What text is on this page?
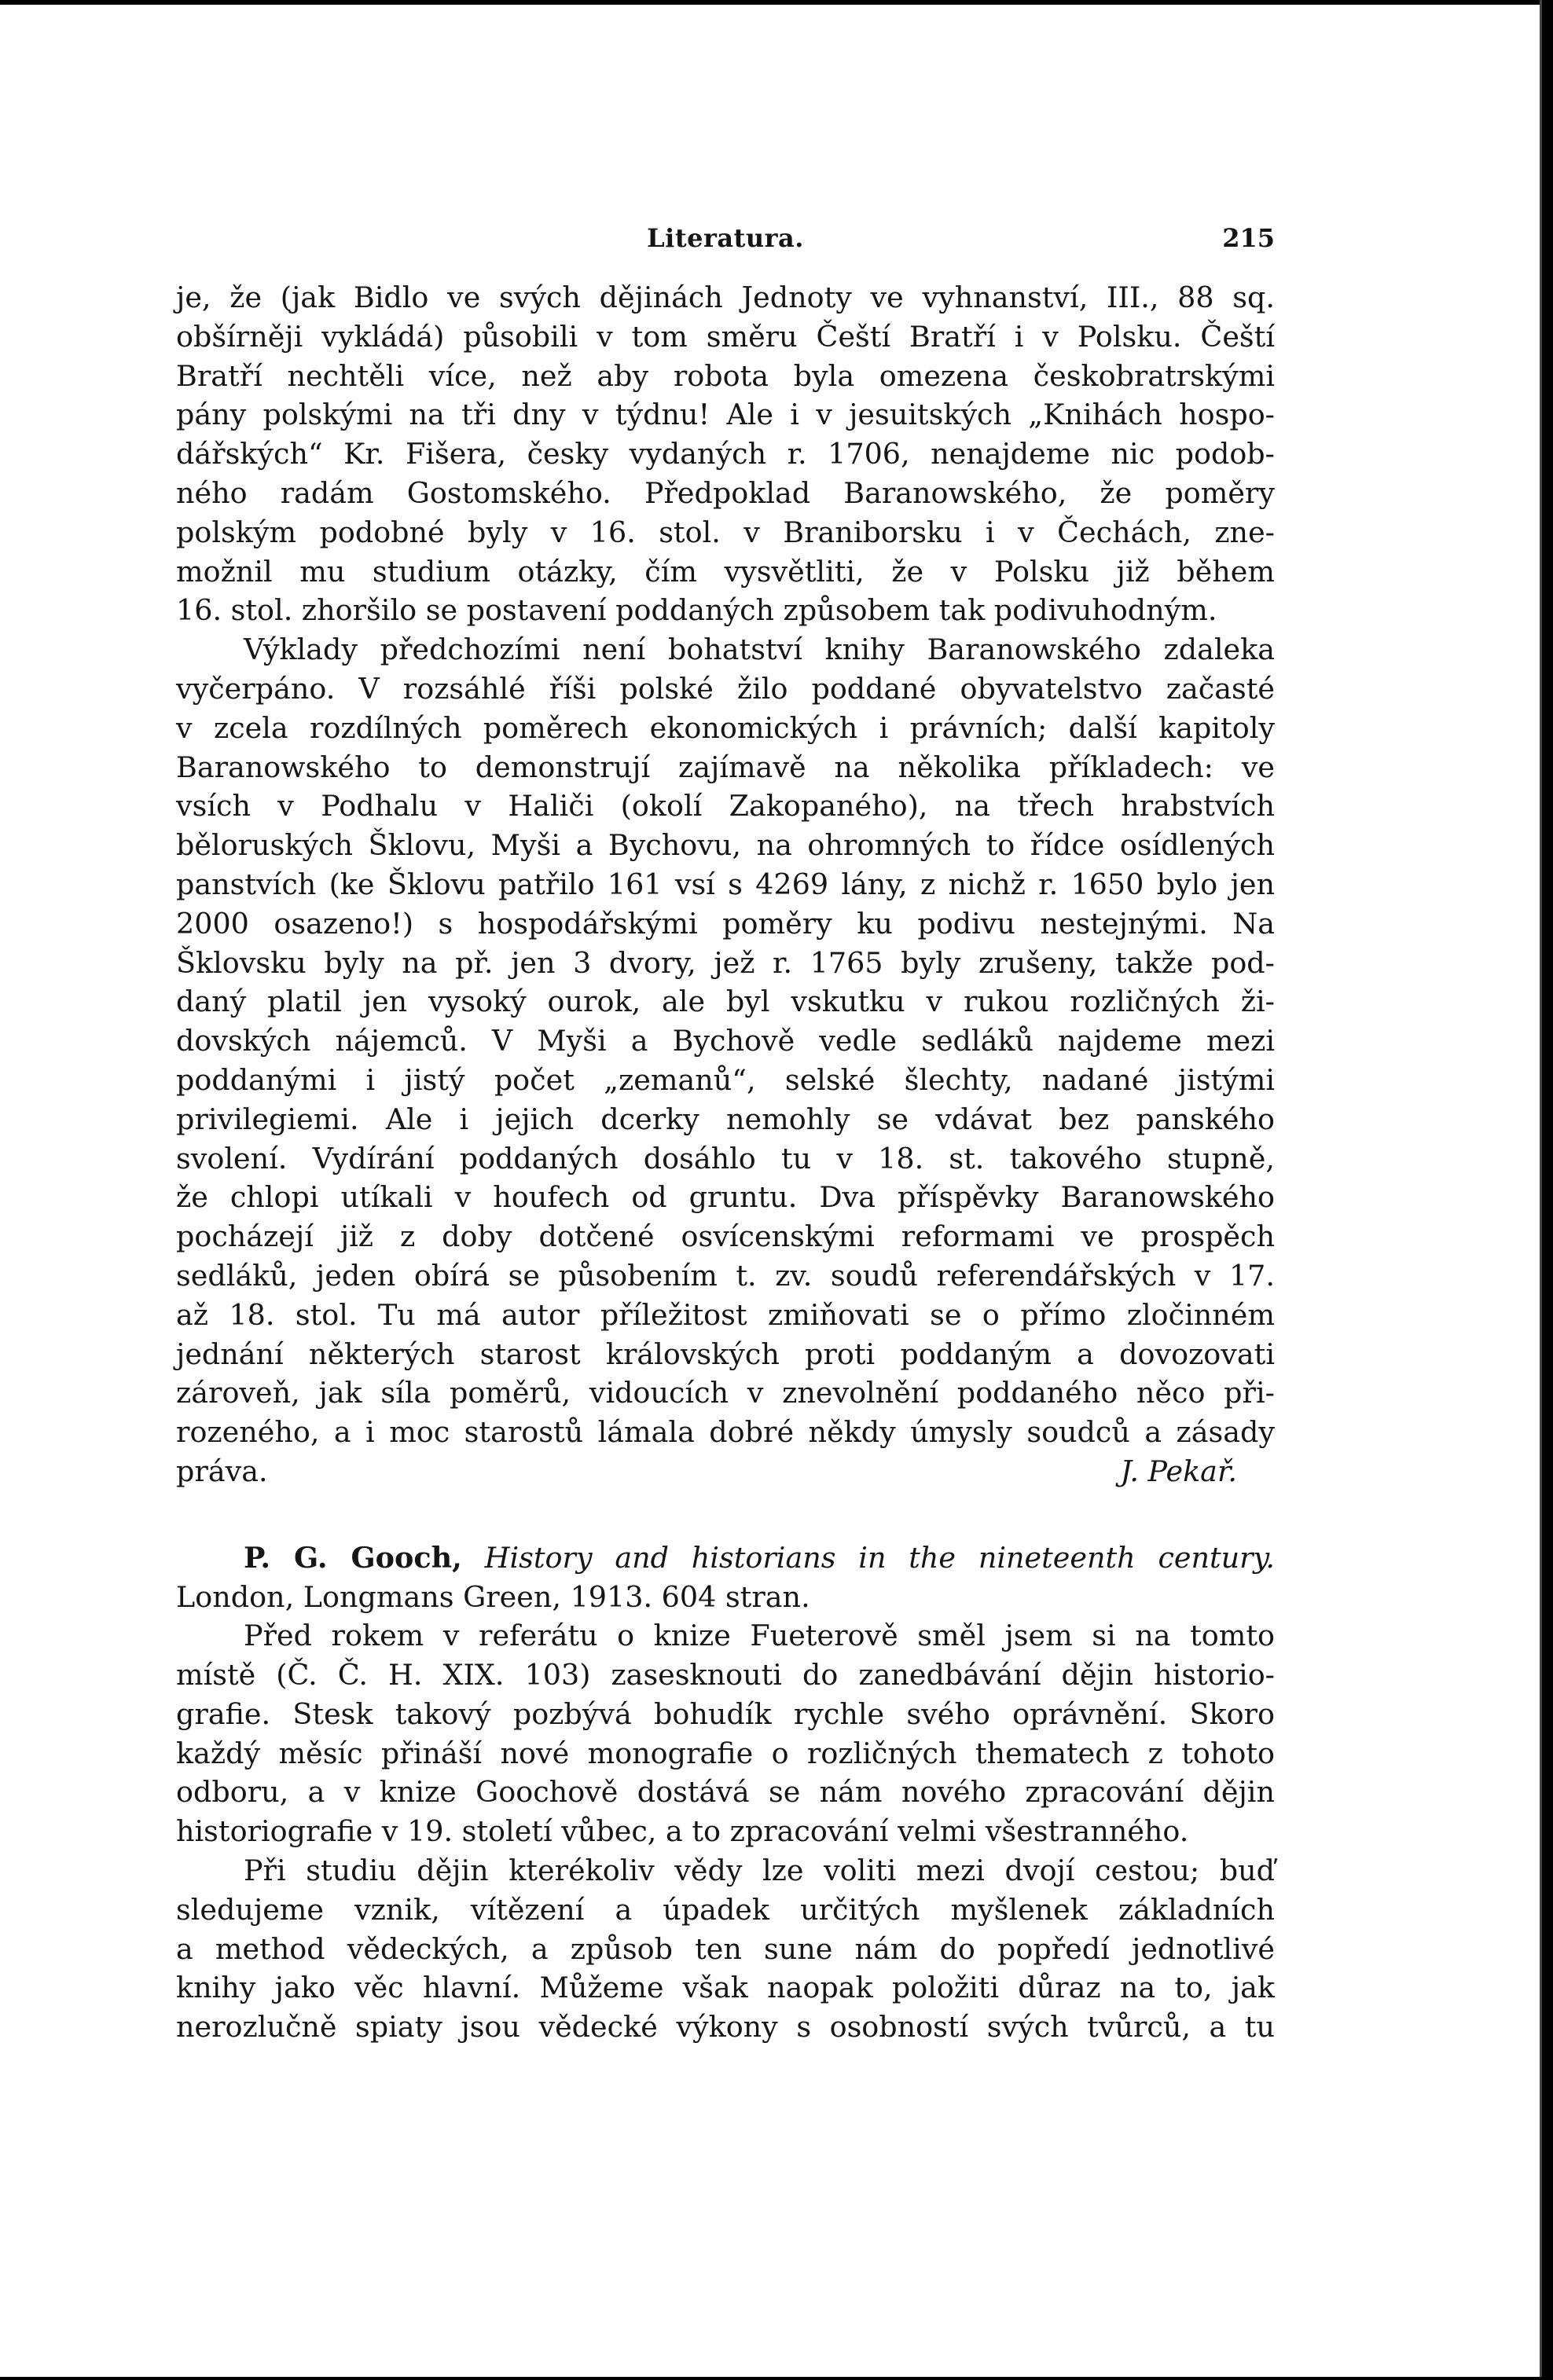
Literatura.	215
je, že (jak Bidlo ve svých dějinách Jednoty ve vyhnanství, III., 88 sq.
obšírněji vykládá) působili v tom směru Čeští Bratří i v Polsku. Čeští
Bratří nechtěli více, než aby robota byla omezena českobratrskými
pány polskými na tři dny v týdnu! Ale i v jesuitských „Knihách hospo-
dářských“ Kr. Fišera, česky vydaných r. 1706, nenajdeme nic podob-
ného radám Gostomského. Předpoklad Baranowského, že poměry
polským podobné byly v 16. stol. v Braniborsku i v Čechách, zne-
možnil mu studium otázky, čím vysvětliti, že v Polsku již během
16. stol. zhoršilo se postavení poddaných způsobem tak podivuhodným.
Výklady předchozími není bohatství knihy Baranowského zdaleka
vyčerpáno. V rozsáhlé říši polské žilo poddané obyvatelstvo začasté
v zcela rozdílných poměrech ekonomických i právních; další kapitoly
Baranowského to demonstrují zajímavě na několika příkladech: ve
vsích v Podhalu v Haliči (okolí Zakopaného), na třech hrabstvích
běloruských Šklovu, Myši a Bychovu, na ohromných to řídce osídlených
panstvích (ke Šklovu patřilo 161 vsí s 4269 lány, z nichž r. 1650 bylo jen
2000 osazeno!) s hospodářskými poměry ku podivu nestejnými. Na
Šklovsku byly na př. jen 3 dvory, jež r. 1765 byly zrušeny, takže pod-
daný platil jen vysoký ourok, ale byl vskutku v rukou rozličných ži-
dovských nájemců. V Myši a Bychově vedle sedláků najdeme mezi
poddanými i jistý počet „zemanů“, selské šlechty, nadané jistými
privilegiemi. Ale i jejich dcerky nemohly se vdávat bez panského
svolení. Vydírání poddaných dosáhlo tu v 18. st. takového stupně,
že chlopi utíkali v houfech od gruntu. Dva příspěvky Baranowského
pocházejí již z doby dotčené osvícenskými reformami ve prospěch
sedláků, jeden obírá se působením t. zv. soudů referendářských v 17.
až 18. stol. Tu má autor příležitost zmiňovati se o přímo zločinném
jednání některých starost královských proti poddaným a dovozovati
zároveň, jak síla poměrů, vidoucích v znevolnění poddaného něco při-
rozeného, a i moc starostů lámala dobré někdy úmysly soudců a zásady
práva.	J. Pekař.
P. G. Gooch, History and historians in the nineteenth century.
London, Longmans Green, 1913. 604 stran.
Před rokem v referátu o knize Fueterově směl jsem si na tomto
místě (Č. Č. H. XIX. 103) zasesknouti do zanedbávání dějin historio-
grafie. Stesk takový pozbývá bohudík rychle svého oprávnění. Skoro
každý měsíc přináší nové monografie o rozličných thematech z tohoto
odboru, a v knize Goochově dostává se nám nového zpracování dějin
historiografie v 19. století vůbec, a to zpracování velmi všestranného.
Při studiu dějin kterékoliv vědy lze voliti mezi dvojí cestou; buď
sledujeme vznik, vítězení a úpadek určitých myšlenek základních
a method vědeckých, a způsob ten sune nám do popředí jednotlivé
knihy jako věc hlavní. Můžeme však naopak položiti důraz na to, jak
nerozlučně spiaty jsou vědecké výkony s osobností svých tvůrců, a tu
